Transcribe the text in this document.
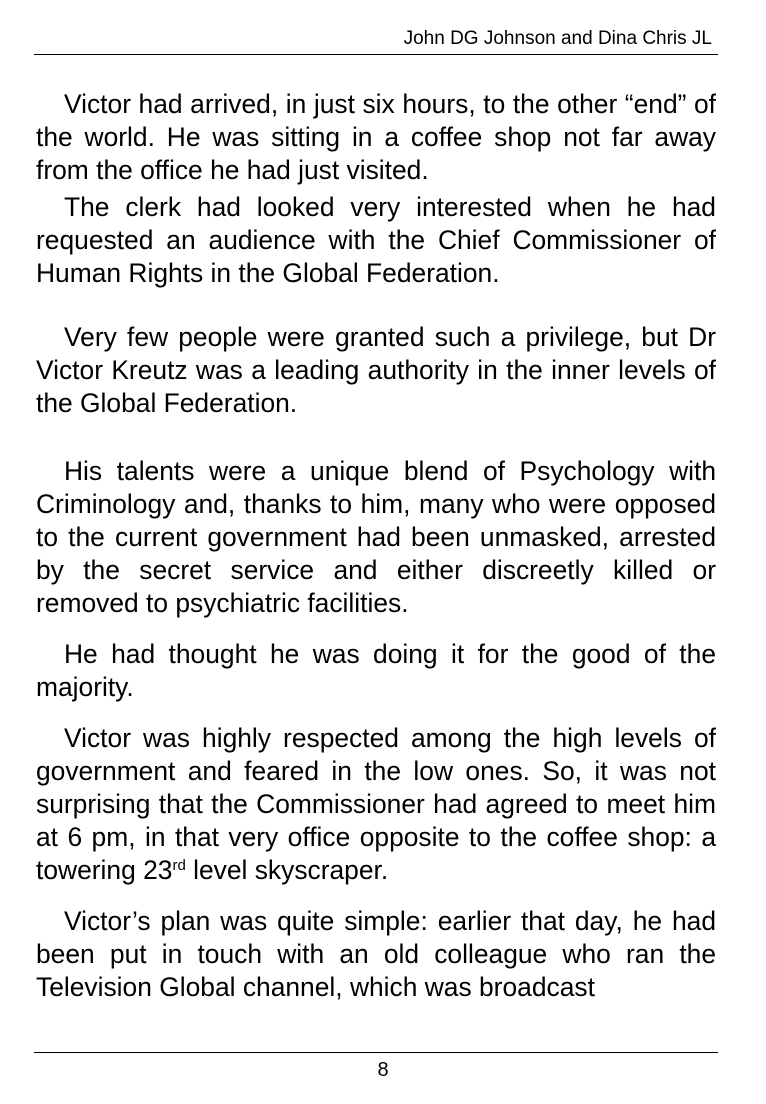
John DG Johnson and Dina Chris JL

Victor had arrived, in just six hours, to the other “end” of the world. He was sitting in a coffee shop not far away from the office he had just visited.

The clerk had looked very interested when he had requested an audience with the Chief Commissioner of Human Rights in the Global Federation.

Very few people were granted such a privilege, but Dr Victor Kreutz was a leading authority in the inner levels of the Global Federation.

His talents were a unique blend of Psychology with Criminology and, thanks to him, many who were opposed to the current government had been unmasked, arrested by the secret service and either discreetly killed or removed to psychiatric facilities.

He had thought he was doing it for the good of the majority.

Victor was highly respected among the high levels of government and feared in the low ones. So, it was not surprising that the Commissioner had agreed to meet him at 6 pm, in that very office opposite to the coffee shop: a towering 23rd level skyscraper.

Victor’s plan was quite simple: earlier that day, he had been put in touch with an old colleague who ran the Television Global channel, which was broadcast

8
